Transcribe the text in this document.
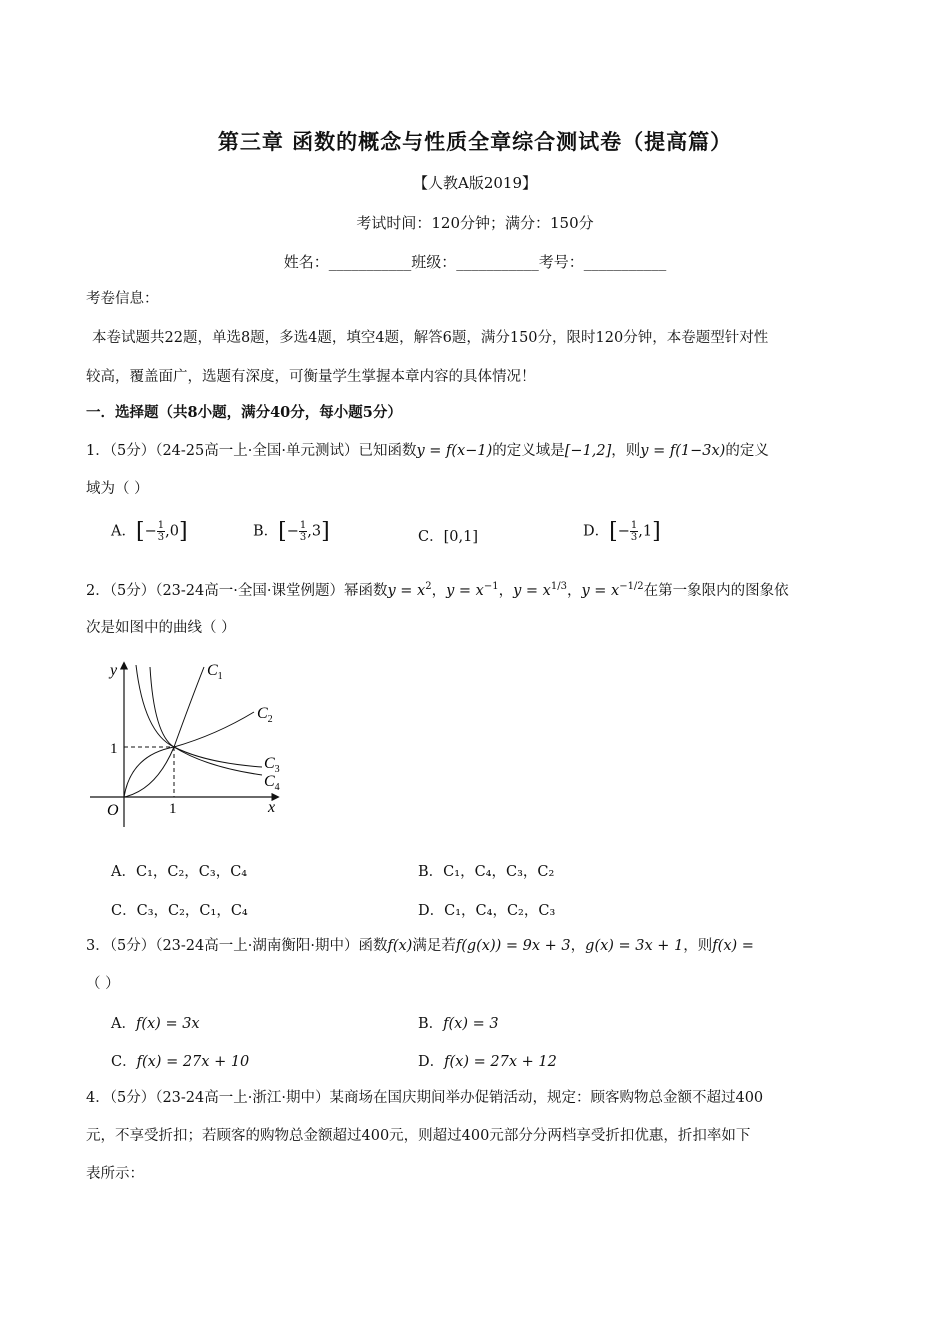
第三章 函数的概念与性质全章综合测试卷（提高篇）
【人教A版2019】
考试时间：120分钟；满分：150分
姓名：___________班级：___________考号：___________
考卷信息：
本卷试题共22题，单选8题，多选4题，填空4题，解答6题，满分150分，限时120分钟，本卷题型针对性
较高，覆盖面广，选题有深度，可衡量学生掌握本章内容的具体情况！
一．选择题（共8小题，满分40分，每小题5分）
1．（5分）（24-25高一上·全国·单元测试）已知函数y = f(x−1)的定义域是[−1,2]，则y = f(1−3x)的定义
域为（ ）
A．[− $\frac{1}{3} ,0$]	B．[− $\frac{1}{3} ,3$]	C．[0,1]	D．[− $\frac{1}{3} ,1$]
2．（5分）（23-24高一·全国·课堂例题）幂函数$y = x^2$，$y = x^{-1}$，$y = x^{1/3}$，$y = x^{-1/2}$在第一象限内的图象依
次是如图中的曲线（ ）
y
x
O
1
1
$C_1$
$C_2$
$C_3$
$C_4$
A．C₁，C₂，C₃，C₄	B．C₁，C₄，C₃，C₂
C．C₃，C₂，C₁，C₄	D．C₁，C₄，C₂，C₃
3．（5分）（23-24高一上·湖南衡阳·期中）函数f(x)满足若f(g(x)) = 9x + 3，g(x) = 3x + 1，则f(x) =
（ ）
A．f(x) = 3x	B．f(x) = 3
C．f(x) = 27x + 10	D．f(x) = 27x + 12
4．（5分）（23-24高一上·浙江·期中）某商场在国庆期间举办促销活动，规定：顾客购物总金额不超过400
元，不享受折扣；若顾客的购物总金额超过400元，则超过400元部分分两档享受折扣优惠，折扣率如下
表所示：
